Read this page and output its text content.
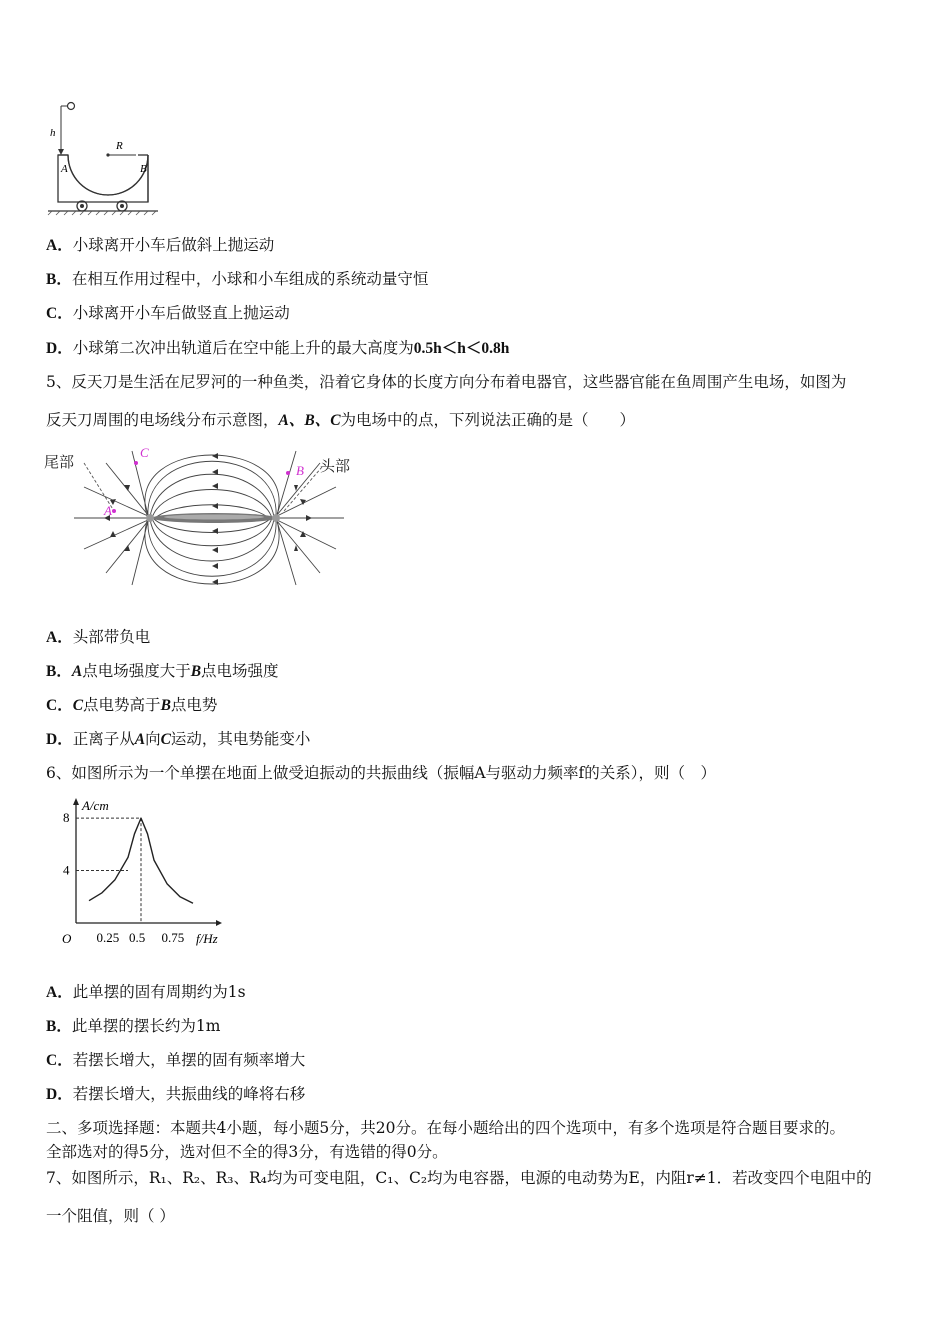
h
R
A	B
A．小球离开小车后做斜上抛运动
B．在相互作用过程中，小球和小车组成的系统动量守恒
C．小球离开小车后做竖直上抛运动
D．小球第二次冲出轨道后在空中能上升的最大高度为0.5h＜h＜0.8h
5、反天刀是生活在尼罗河的一种鱼类，沿着它身体的长度方向分布着电器官，这些器官能在鱼周围产生电场，如图为
反天刀周围的电场线分布示意图，A、B、C为电场中的点，下列说法正确的是（　　）
尾部	头部
A
B
C
A．头部带负电
B．A点电场强度大于B点电场强度
C．C点电势高于B点电势
D．正离子从A向C运动，其电势能变小
6、如图所示为一个单摆在地面上做受迫振动的共振曲线（振幅A与驱动力频率f的关系），则（　）
A/cm
f/Hz
O 0.25 0.5 0.75
4
8
A．此单摆的固有周期约为1s
B．此单摆的摆长约为1m
C．若摆长增大，单摆的固有频率增大
D．若摆长增大，共振曲线的峰将右移
二、多项选择题：本题共4小题，每小题5分，共20分。在每小题给出的四个选项中，有多个选项是符合题目要求的。
全部选对的得5分，选对但不全的得3分，有选错的得0分。
7、如图所示，R₁、R₂、R₃、R₄均为可变电阻，C₁、C₂均为电容器，电源的电动势为E，内阻r≠1．若改变四个电阻中的
一个阻值，则（ ）
